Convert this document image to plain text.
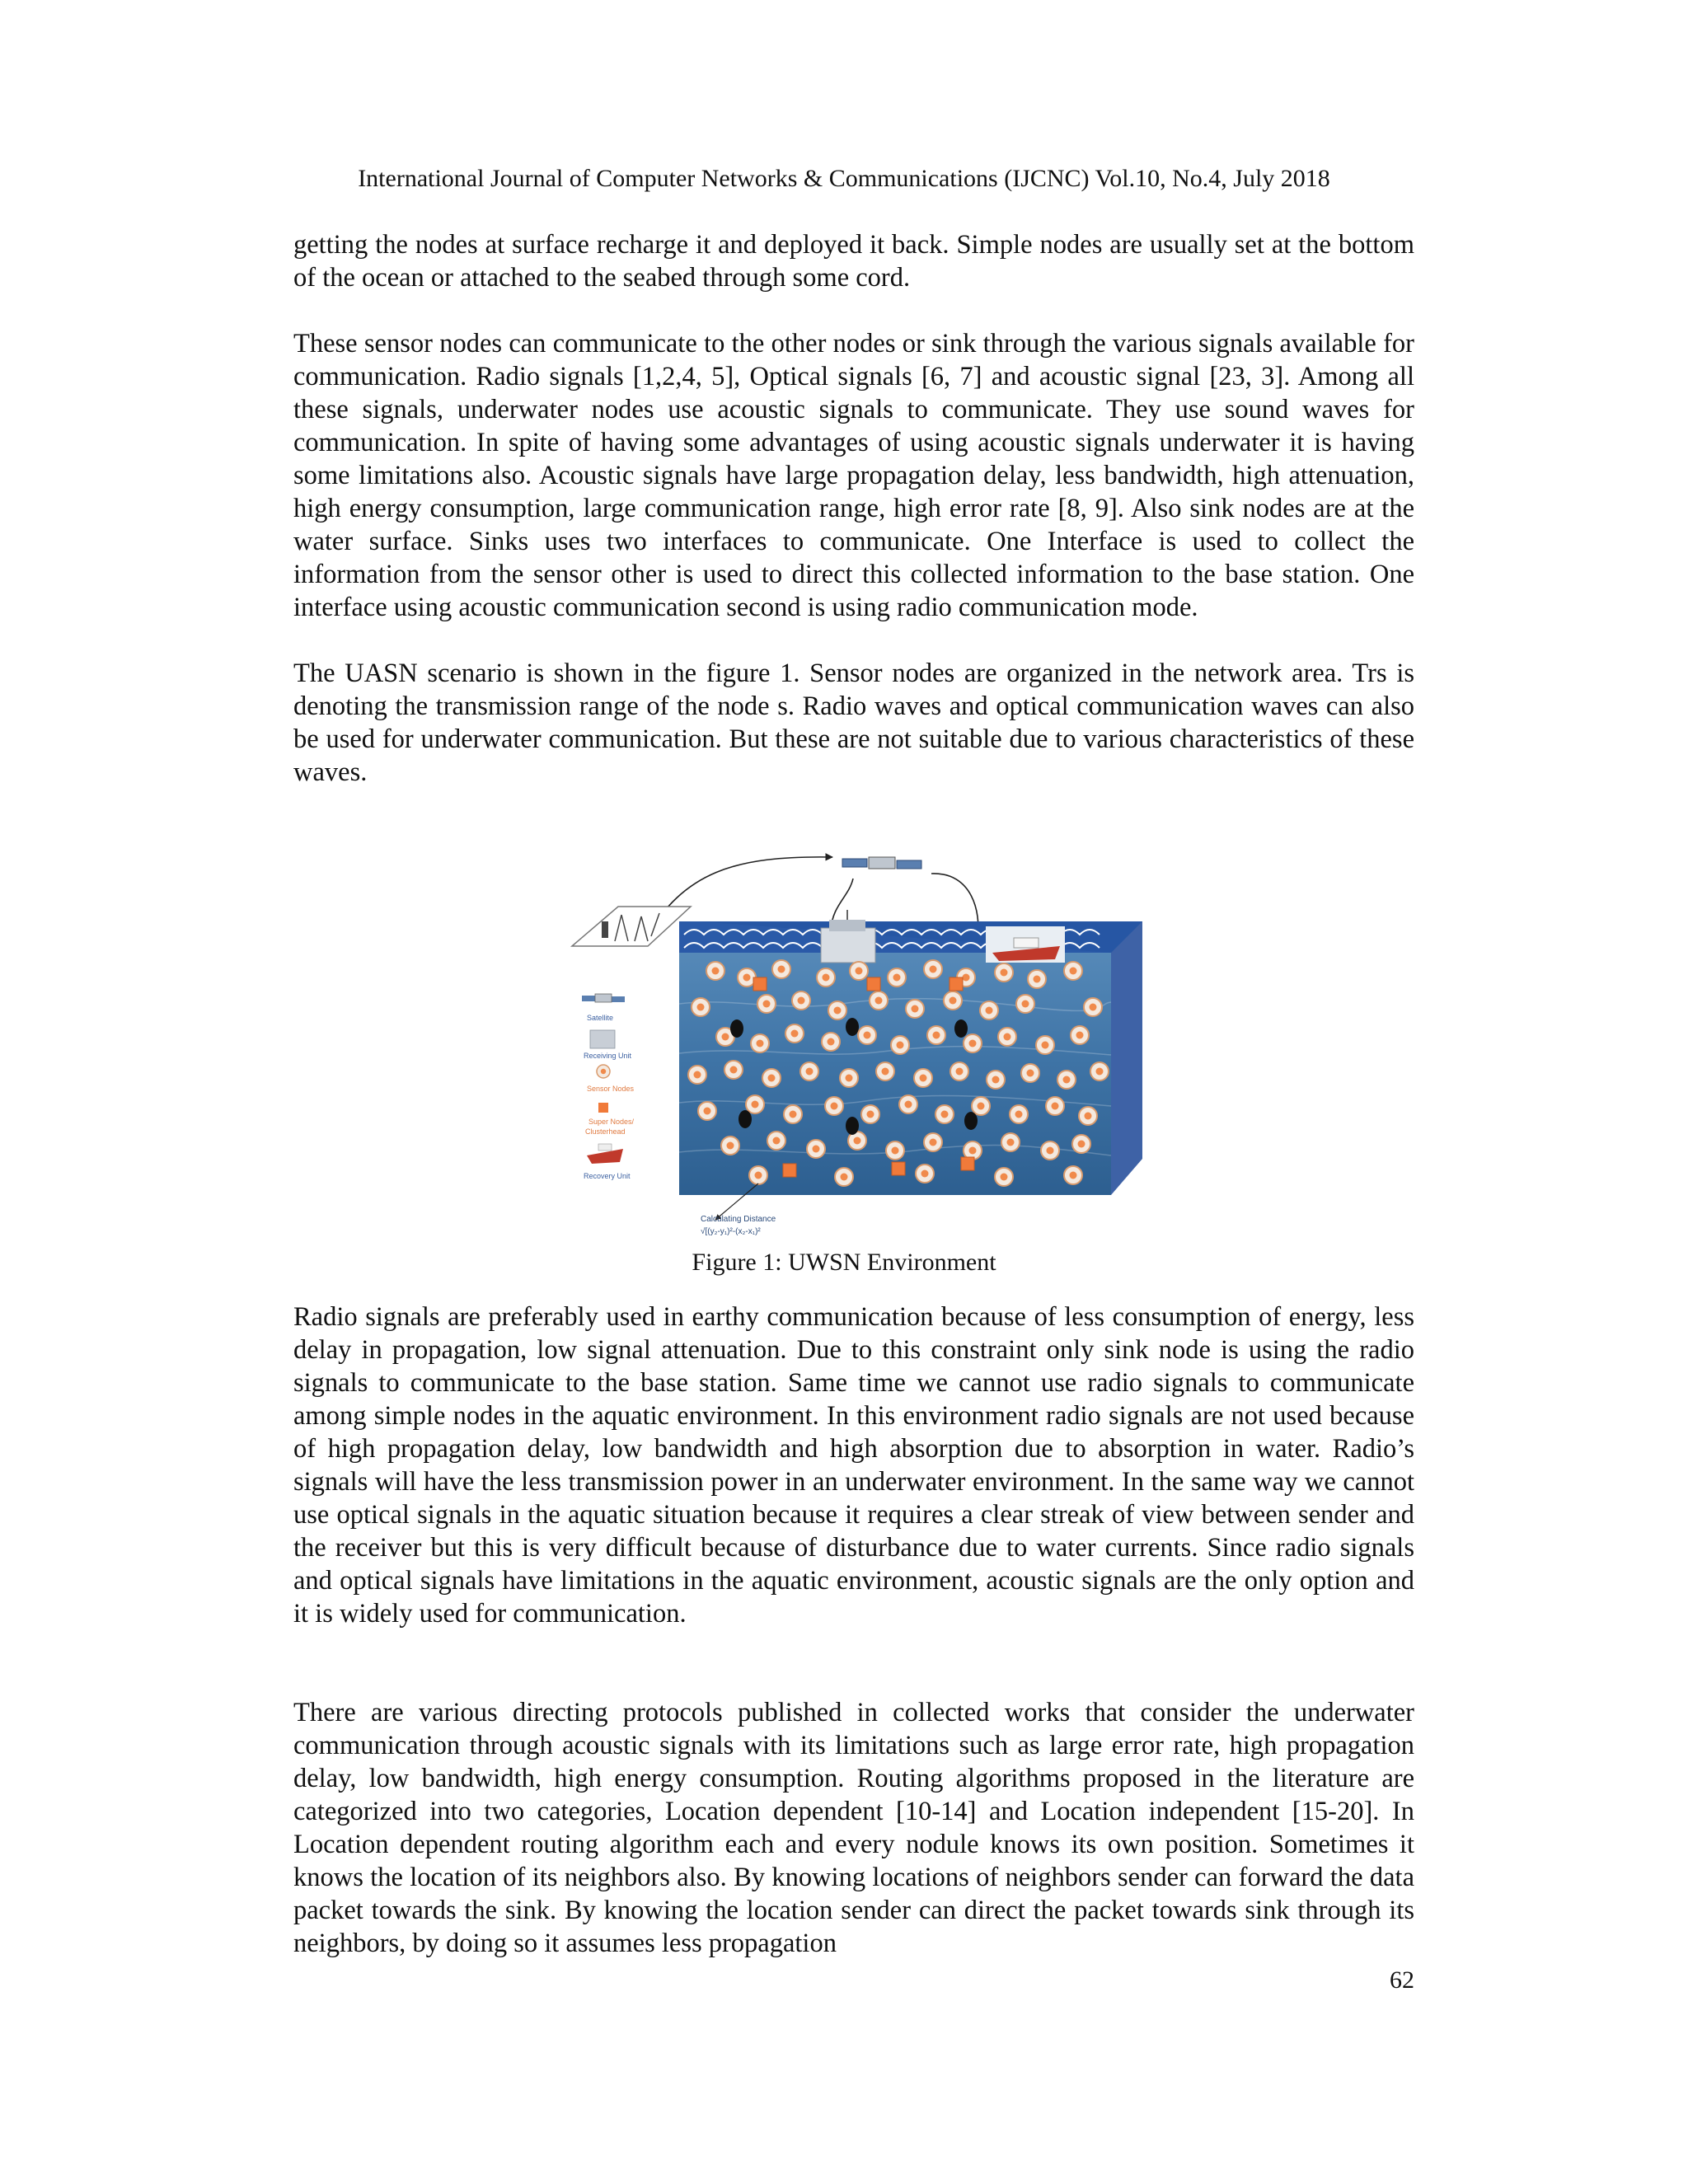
International Journal of Computer Networks & Communications (IJCNC) Vol.10, No.4, July 2018

getting the nodes at surface recharge it and deployed it back. Simple nodes are usually set at the bottom of the ocean or attached to the seabed through some cord.

These sensor nodes can communicate to the other nodes or sink through the various signals available for communication. Radio signals [1,2,4, 5], Optical signals [6, 7] and acoustic signal [23, 3]. Among all these signals, underwater nodes use acoustic signals to communicate. They use sound waves for communication. In spite of having some advantages of using acoustic signals underwater it is having some limitations also. Acoustic signals have large propagation delay, less bandwidth, high attenuation, high energy consumption, large communication range, high error rate [8, 9]. Also sink nodes are at the water surface. Sinks uses two interfaces to communicate. One Interface is used to collect the information from the sensor other is used to direct this collected information to the base station. One interface using acoustic communication second is using radio communication mode.

The UASN scenario is shown in the figure 1. Sensor nodes are organized in the network area. Trs is denoting the transmission range of the node s. Radio waves and optical communication waves can also be used for underwater communication. But these are not suitable due to various characteristics of these waves.

Satellite
Receiving Unit
Sensor Nodes
Super Nodes/
Clusterhead
Recovery Unit
Calculating Distance
√[(y₂-y₁)²-(x₂-x₁)²
Figure 1: UWSN Environment

Radio signals are preferably used in earthy communication because of less consumption of energy, less delay in propagation, low signal attenuation. Due to this constraint only sink node is using the radio signals to communicate to the base station. Same time we cannot use radio signals to communicate among simple nodes in the aquatic environment. In this environment radio signals are not used because of high propagation delay, low bandwidth and high absorption due to absorption in water. Radio’s signals will have the less transmission power in an underwater environment. In the same way we cannot use optical signals in the aquatic situation because it requires a clear streak of view between sender and the receiver but this is very difficult because of disturbance due to water currents. Since radio signals and optical signals have limitations in the aquatic environment, acoustic signals are the only option and it is widely used for communication.

There are various directing protocols published in collected works that consider the underwater communication through acoustic signals with its limitations such as large error rate, high propagation delay, low bandwidth, high energy consumption. Routing algorithms proposed in the literature are categorized into two categories, Location dependent [10-14] and Location independent [15-20]. In Location dependent routing algorithm each and every nodule knows its own position. Sometimes it knows the location of its neighbors also. By knowing locations of neighbors sender can forward the data packet towards the sink. By knowing the location sender can direct the packet towards sink through its neighbors, by doing so it assumes less propagation

62
